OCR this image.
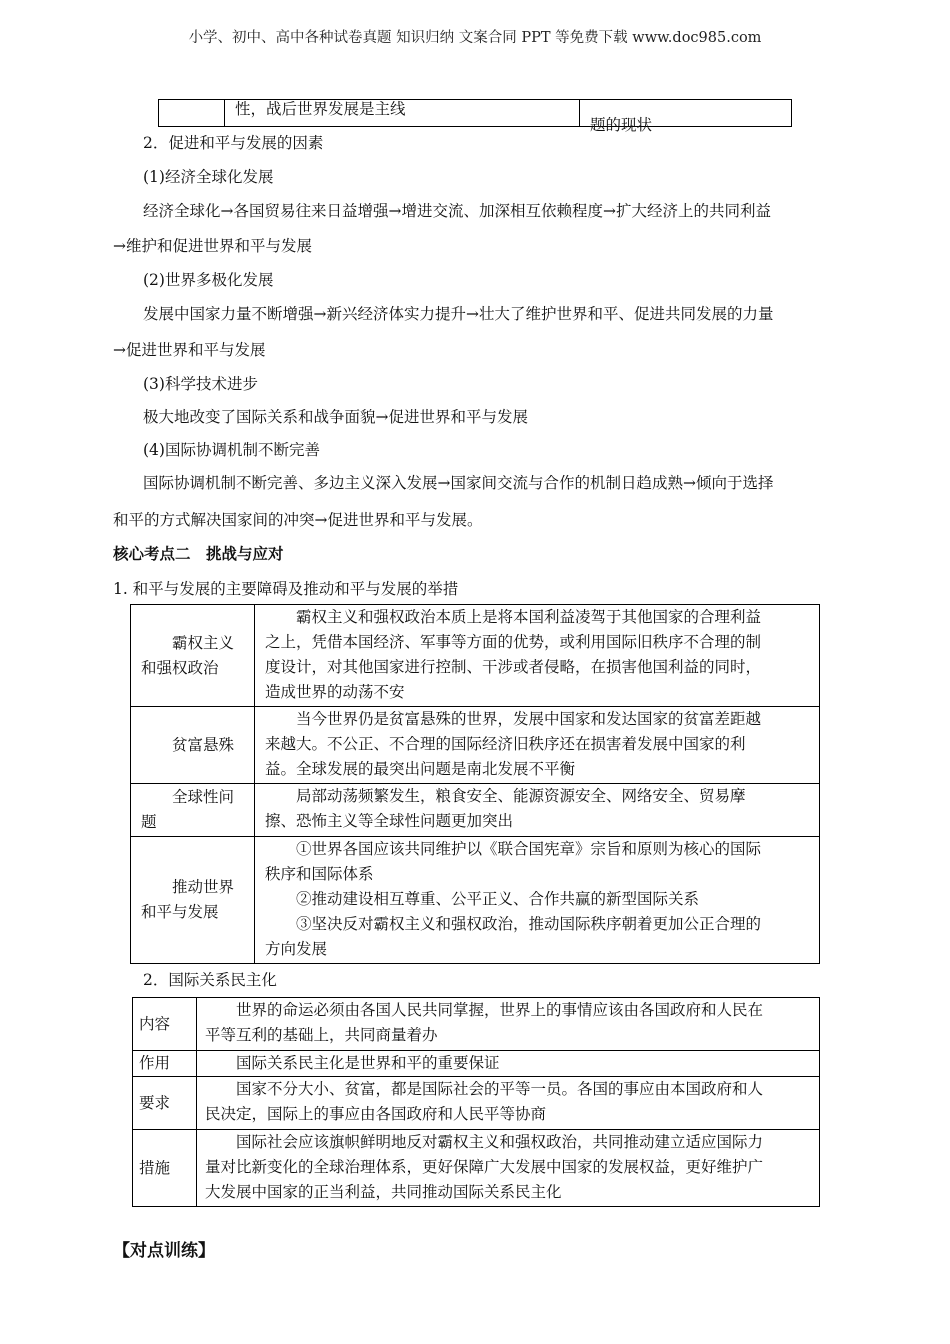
小学、初中、高中各种试卷真题 知识归纳 文案合同 PPT 等免费下载 www.doc985.com
	性，战后世界发展是主线	题的现状
2．促进和平与发展的因素
(1)经济全球化发展
经济全球化→各国贸易往来日益增强→增进交流、加深相互依赖程度→扩大经济上的共同利益
→维护和促进世界和平与发展
(2)世界多极化发展
发展中国家力量不断增强→新兴经济体实力提升→壮大了维护世界和平、促进共同发展的力量
→促进世界和平与发展
(3)科学技术进步
极大地改变了国际关系和战争面貌→促进世界和平与发展
(4)国际协调机制不断完善
国际协调机制不断完善、多边主义深入发展→国家间交流与合作的机制日趋成熟→倾向于选择
和平的方式解决国家间的冲突→促进世界和平与发展。
核心考点二　挑战与应对
1. 和平与发展的主要障碍及推动和平与发展的举措
霸权主义
和强权政治	霸权主义和强权政治本质上是将本国利益凌驾于其他国家的合理利益
之上，凭借本国经济、军事等方面的优势，或利用国际旧秩序不合理的制
度设计，对其他国家进行控制、干涉或者侵略，在损害他国利益的同时，
造成世界的动荡不安

贫富悬殊	当今世界仍是贫富悬殊的世界，发展中国家和发达国家的贫富差距越
来越大。不公正、不合理的国际经济旧秩序还在损害着发展中国家的利
益。全球发展的最突出问题是南北发展不平衡

全球性问
题	局部动荡频繁发生，粮食安全、能源资源安全、网络安全、贸易摩
擦、恐怖主义等全球性问题更加突出

推动世界
和平与发展	①世界各国应该共同维护以《联合国宪章》宗旨和原则为核心的国际
秩序和国际体系
②推动建设相互尊重、公平正义、合作共赢的新型国际关系
③坚决反对霸权主义和强权政治，推动国际秩序朝着更加公正合理的
方向发展
2．国际关系民主化
内容	世界的命运必须由各国人民共同掌握，世界上的事情应该由各国政府和人民在
平等互利的基础上，共同商量着办

作用	国际关系民主化是世界和平的重要保证

要求	国家不分大小、贫富，都是国际社会的平等一员。各国的事应由本国政府和人
民决定，国际上的事应由各国政府和人民平等协商

措施	国际社会应该旗帜鲜明地反对霸权主义和强权政治，共同推动建立适应国际力
量对比新变化的全球治理体系，更好保障广大发展中国家的发展权益，更好维护广
大发展中国家的正当利益，共同推动国际关系民主化
【对点训练】
